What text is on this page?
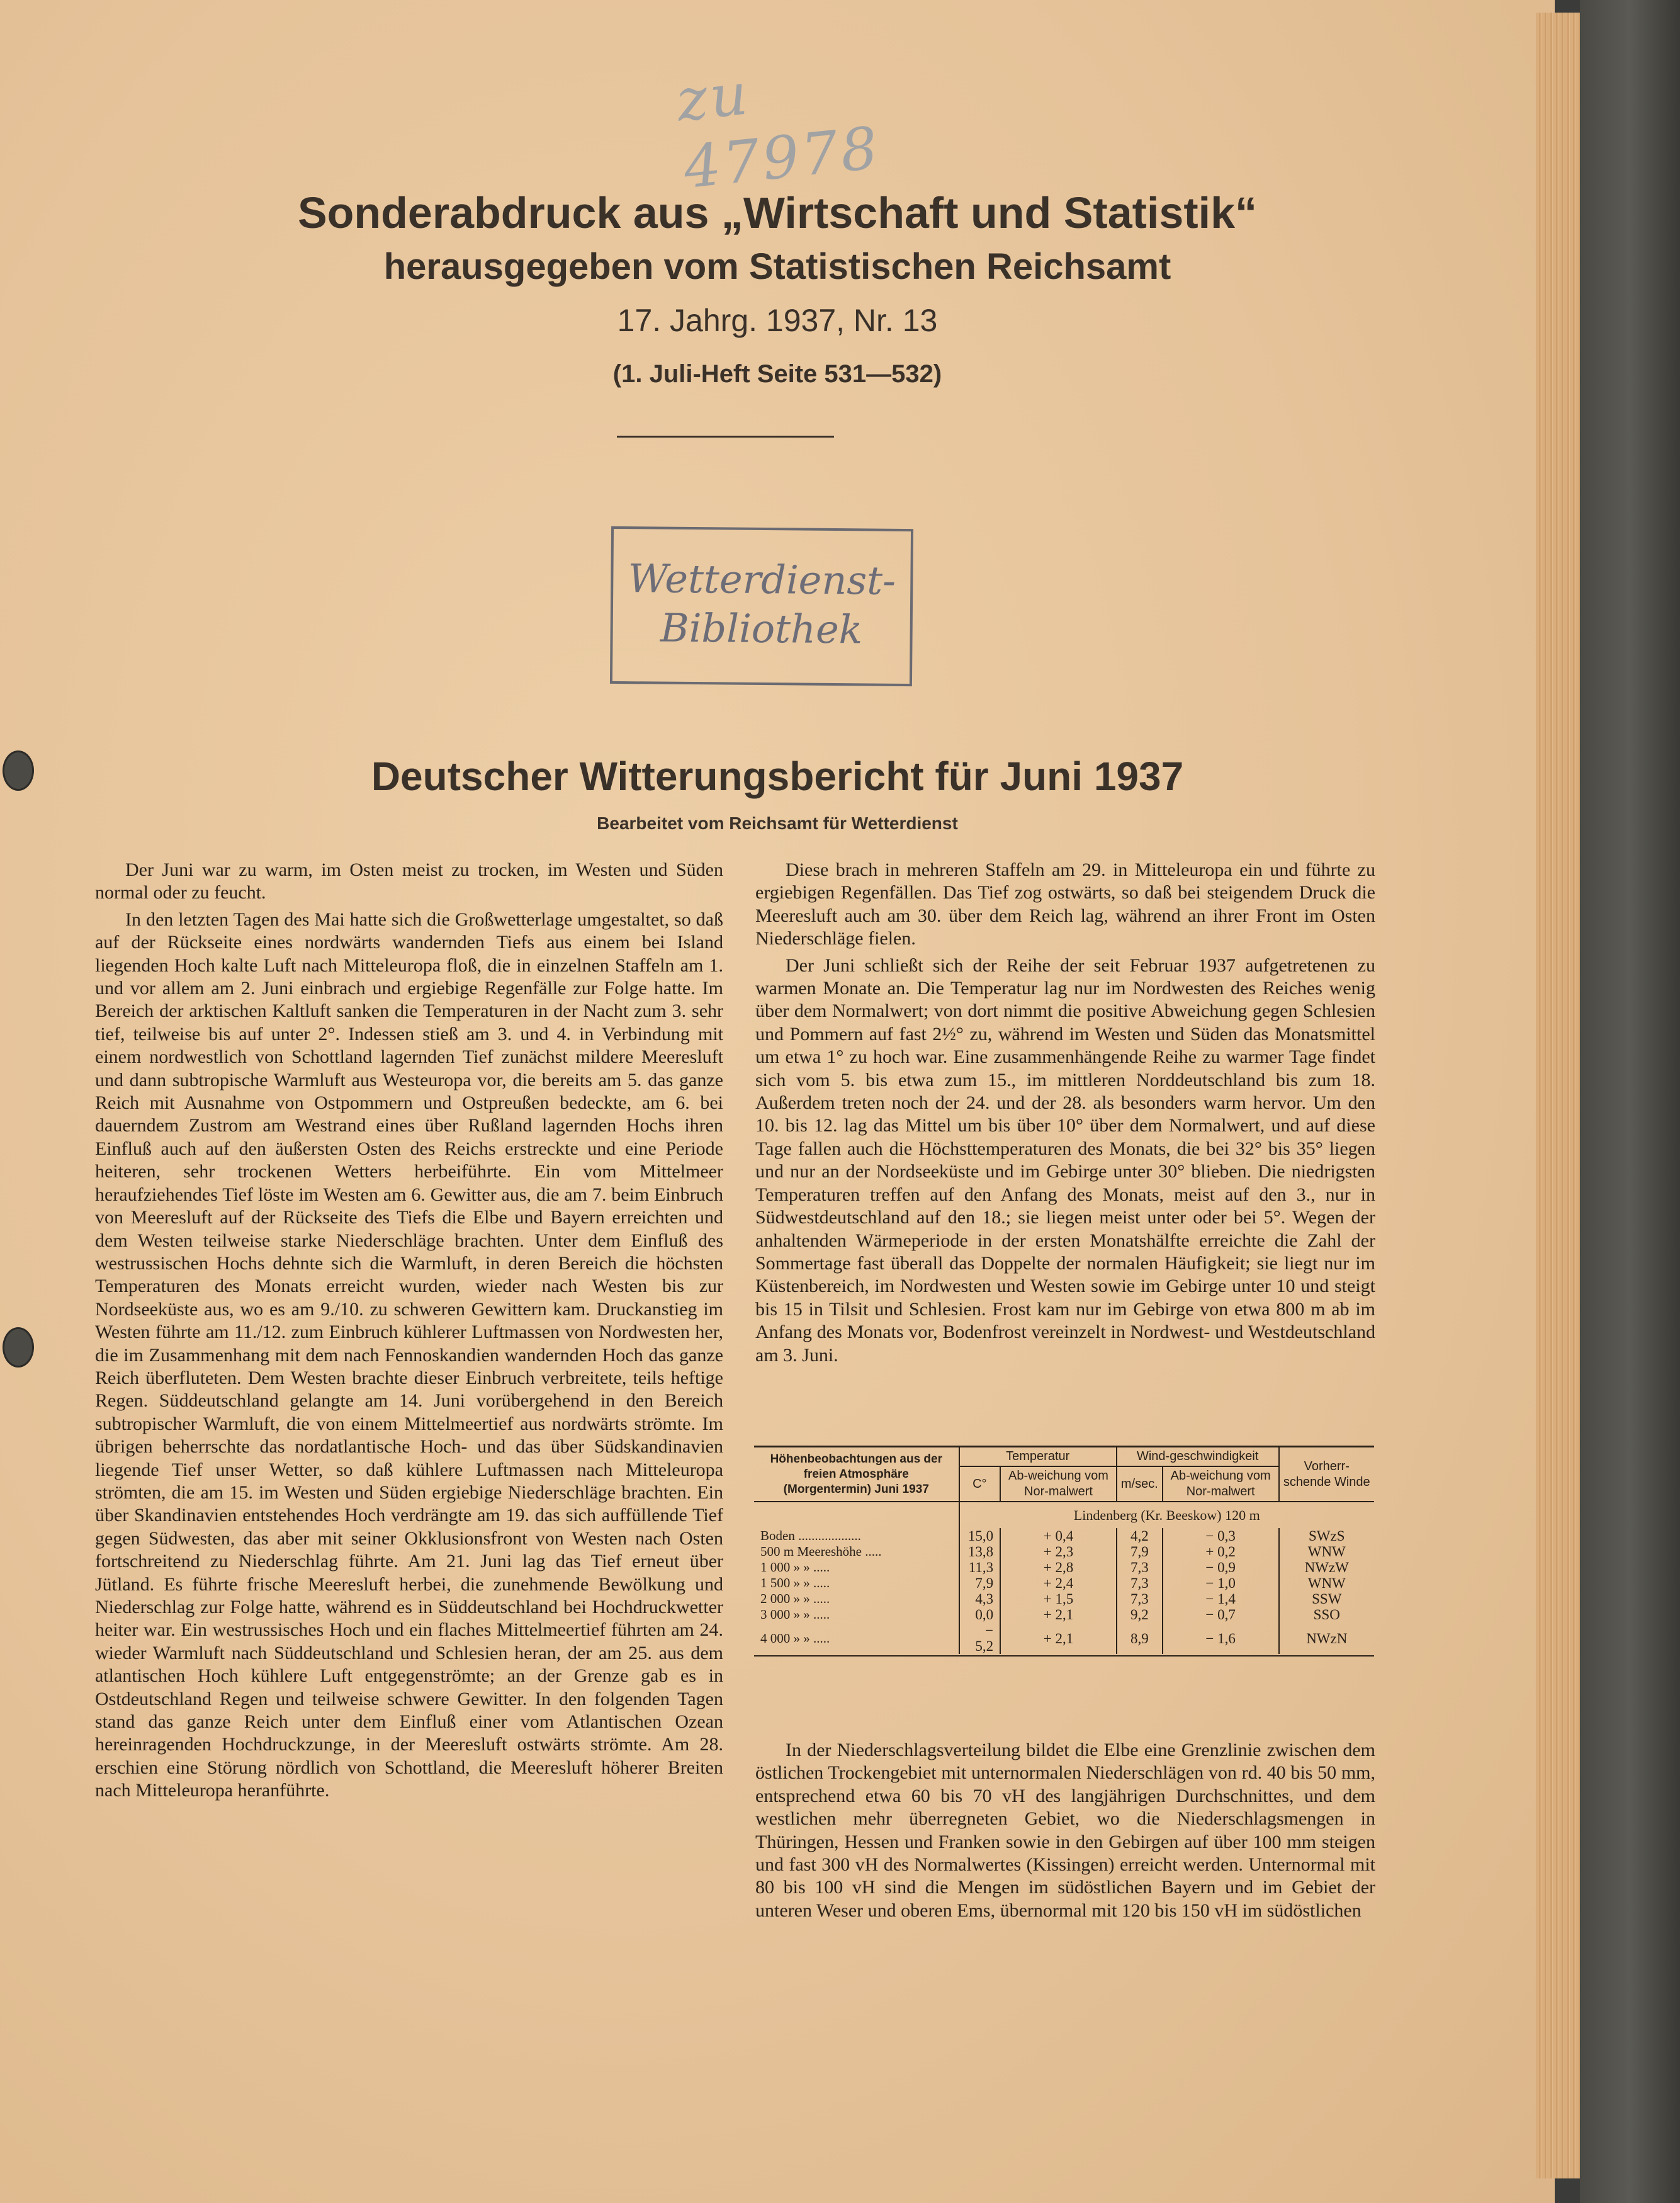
zu 47978
Sonderabdruck aus „Wirtschaft und Statistik“
herausgegeben vom Statistischen Reichsamt
17. Jahrg. 1937, Nr. 13
(1. Juli-Heft Seite 531—532)
Wetterdienst-
Bibliothek
Deutscher Witterungsbericht für Juni 1937
Bearbeitet vom Reichsamt für Wetterdienst

Der Juni war zu warm, im Osten meist zu trocken, im Westen und Süden normal oder zu feucht.

In den letzten Tagen des Mai hatte sich die Großwetterlage umgestaltet, so daß auf der Rückseite eines nordwärts wandernden Tiefs aus einem bei Island liegenden Hoch kalte Luft nach Mitteleuropa floß, die in einzelnen Staffeln am 1. und vor allem am 2. Juni einbrach und ergiebige Regenfälle zur Folge hatte. Im Bereich der arktischen Kaltluft sanken die Temperaturen in der Nacht zum 3. sehr tief, teilweise bis auf unter 2°. Indessen stieß am 3. und 4. in Verbindung mit einem nordwestlich von Schottland lagernden Tief zunächst mildere Meeresluft und dann subtropische Warmluft aus Westeuropa vor, die bereits am 5. das ganze Reich mit Ausnahme von Ostpommern und Ostpreußen bedeckte, am 6. bei dauerndem Zustrom am Westrand eines über Rußland lagernden Hochs ihren Einfluß auch auf den äußersten Osten des Reichs erstreckte und eine Periode heiteren, sehr trockenen Wetters herbeiführte. Ein vom Mittelmeer heraufziehendes Tief löste im Westen am 6. Gewitter aus, die am 7. beim Einbruch von Meeresluft auf der Rückseite des Tiefs die Elbe und Bayern erreichten und dem Westen teilweise starke Niederschläge brachten. Unter dem Einfluß des westrussischen Hochs dehnte sich die Warmluft, in deren Bereich die höchsten Temperaturen des Monats erreicht wurden, wieder nach Westen bis zur Nordseeküste aus, wo es am 9./10. zu schweren Gewittern kam. Druckanstieg im Westen führte am 11./12. zum Einbruch kühlerer Luftmassen von Nordwesten her, die im Zusammenhang mit dem nach Fennoskandien wandernden Hoch das ganze Reich überfluteten. Dem Westen brachte dieser Einbruch verbreitete, teils heftige Regen. Süddeutschland gelangte am 14. Juni vorübergehend in den Bereich subtropischer Warmluft, die von einem Mittelmeertief aus nordwärts strömte. Im übrigen beherrschte das nordatlantische Hoch- und das über Südskandinavien liegende Tief unser Wetter, so daß kühlere Luftmassen nach Mitteleuropa strömten, die am 15. im Westen und Süden ergiebige Niederschläge brachten. Ein über Skandinavien entstehendes Hoch verdrängte am 19. das sich auffüllende Tief gegen Südwesten, das aber mit seiner Okklusionsfront von Westen nach Osten fortschreitend zu Niederschlag führte. Am 21. Juni lag das Tief erneut über Jütland. Es führte frische Meeresluft herbei, die zunehmende Bewölkung und Niederschlag zur Folge hatte, während es in Süddeutschland bei Hochdruckwetter heiter war. Ein westrussisches Hoch und ein flaches Mittelmeertief führten am 24. wieder Warmluft nach Süddeutschland und Schlesien heran, der am 25. aus dem atlantischen Hoch kühlere Luft entgegenströmte; an der Grenze gab es in Ostdeutschland Regen und teilweise schwere Gewitter. In den folgenden Tagen stand das ganze Reich unter dem Einfluß einer vom Atlantischen Ozean hereinragenden Hochdruckzunge, in der Meeresluft ostwärts strömte. Am 28. erschien eine Störung nördlich von Schottland, die Meeresluft höherer Breiten nach Mitteleuropa heranführte.

Diese brach in mehreren Staffeln am 29. in Mitteleuropa ein und führte zu ergiebigen Regenfällen. Das Tief zog ostwärts, so daß bei steigendem Druck die Meeresluft auch am 30. über dem Reich lag, während an ihrer Front im Osten Niederschläge fielen.

Der Juni schließt sich der Reihe der seit Februar 1937 aufgetretenen zu warmen Monate an. Die Temperatur lag nur im Nordwesten des Reiches wenig über dem Normalwert; von dort nimmt die positive Abweichung gegen Schlesien und Pommern auf fast 2½° zu, während im Westen und Süden das Monatsmittel um etwa 1° zu hoch war. Eine zusammenhängende Reihe zu warmer Tage findet sich vom 5. bis etwa zum 15., im mittleren Norddeutschland bis zum 18. Außerdem treten noch der 24. und der 28. als besonders warm hervor. Um den 10. bis 12. lag das Mittel um bis über 10° über dem Normalwert, und auf diese Tage fallen auch die Höchsttemperaturen des Monats, die bei 32° bis 35° liegen und nur an der Nordseeküste und im Gebirge unter 30° blieben. Die niedrigsten Temperaturen treffen auf den Anfang des Monats, meist auf den 3., nur in Südwestdeutschland auf den 18.; sie liegen meist unter oder bei 5°. Wegen der anhaltenden Wärmeperiode in der ersten Monatshälfte erreichte die Zahl der Sommertage fast überall das Doppelte der normalen Häufigkeit; sie liegt nur im Küstenbereich, im Nordwesten und Westen sowie im Gebirge unter 10 und steigt bis 15 in Tilsit und Schlesien. Frost kam nur im Gebirge von etwa 800 m ab im Anfang des Monats vor, Bodenfrost vereinzelt in Nordwest- und Westdeutschland am 3. Juni.

Höhenbeobachtungen aus der freien Atmosphäre
(Morgentermin) Juni 1937	Temperatur		Wind-geschwindigkeit		Vorherr-schende Winde
	C°	Ab-weichung vom Nor-malwert	m/sec.	Ab-weichung vom Nor-malwert	
	Lindenberg (Kr. Beeskow) 120 m				
Boden ...................	15,0	+ 0,4	4,2	− 0,3	SWzS
500 m Meereshöhe .....	13,8	+ 2,3	7,9	+ 0,2	WNW
1 000 » » .....	11,3	+ 2,8	7,3	− 0,9	NWzW
1 500 » » .....	7,9	+ 2,4	7,3	− 1,0	WNW
2 000 » » .....	4,3	+ 1,5	7,3	− 1,4	SSW
3 000 » » .....	0,0	+ 2,1	9,2	− 0,7	SSO
4 000 » » .....	− 5,2	+ 2,1	8,9	− 1,6	NWzN

In der Niederschlagsverteilung bildet die Elbe eine Grenzlinie zwischen dem östlichen Trockengebiet mit unternormalen Niederschlägen von rd. 40 bis 50 mm, entsprechend etwa 60 bis 70 vH des langjährigen Durchschnittes, und dem westlichen mehr überregneten Gebiet, wo die Niederschlagsmengen in Thüringen, Hessen und Franken sowie in den Gebirgen auf über 100 mm steigen und fast 300 vH des Normalwertes (Kissingen) erreicht werden. Unternormal mit 80 bis 100 vH sind die Mengen im südöstlichen Bayern und im Gebiet der unteren Weser und oberen Ems, übernormal mit 120 bis 150 vH im südöstlichen
